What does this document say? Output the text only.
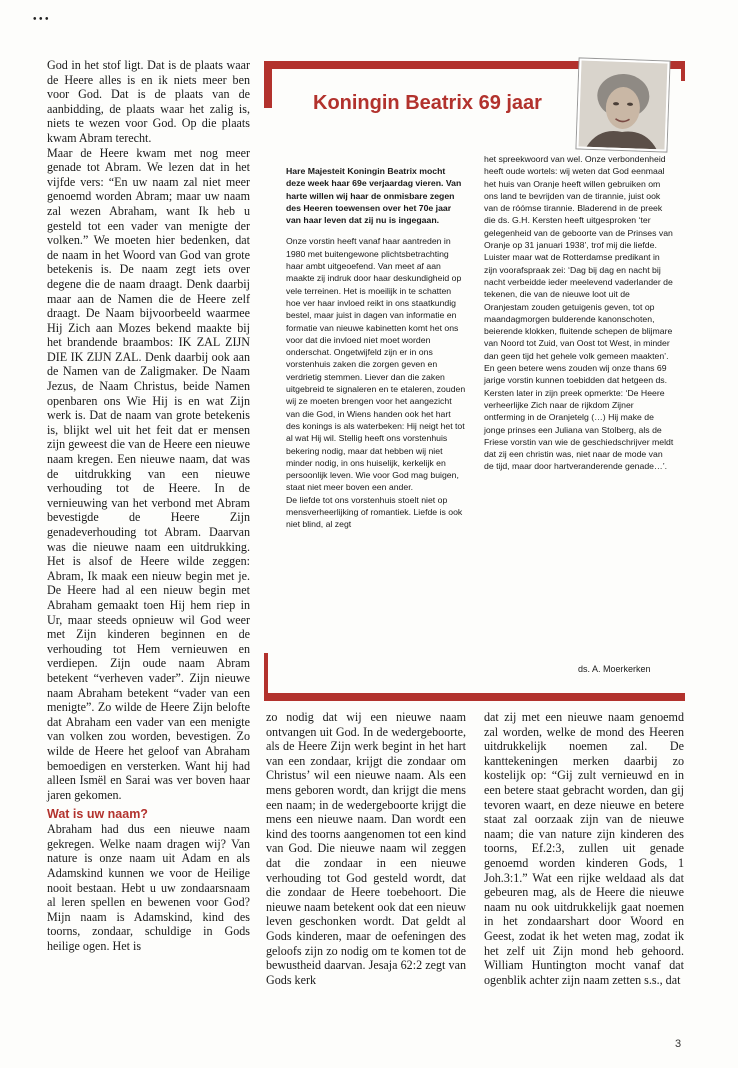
• • •

God in het stof ligt. Dat is de plaats waar de Heere alles is en ik niets meer ben voor God. Dat is de plaats van de aanbidding, de plaats waar het zalig is, niets te wezen voor God. Op die plaats kwam Abram terecht.

Maar de Heere kwam met nog meer genade tot Abram. We lezen dat in het vijfde vers: “En uw naam zal niet meer genoemd worden Abram; maar uw naam zal wezen Abraham, want Ik heb u gesteld tot een vader van menigte der volken.” We moeten hier bedenken, dat de naam in het Woord van God van grote betekenis is. De naam zegt iets over degene die de naam draagt. Denk daarbij maar aan de Namen die de Heere zelf draagt. De Naam bijvoorbeeld waarmee Hij Zich aan Mozes bekend maakte bij het brandende braambos: IK ZAL ZIJN DIE IK ZIJN ZAL. Denk daarbij ook aan de Namen van de Zaligmaker. De Naam Jezus, de Naam Christus, beide Namen openbaren ons Wie Hij is en wat Zijn werk is. Dat de naam van grote betekenis is, blijkt wel uit het feit dat er mensen zijn geweest die van de Heere een nieuwe naam kregen. Een nieuwe naam, dat was de uitdrukking van een nieuwe verhouding tot de Heere. In de vernieuwing van het verbond met Abram bevestigde de Heere Zijn genadeverhouding tot Abram. Daarvan was die nieuwe naam een uitdrukking. Het is alsof de Heere wilde zeggen: Abram, Ik maak een nieuw begin met je. De Heere had al een nieuw begin met Abraham gemaakt toen Hij hem riep in Ur, maar steeds opnieuw wil God weer met Zijn kinderen beginnen en de verhouding tot Hem vernieuwen en verdiepen. Zijn oude naam Abram betekent “verheven vader”. Zijn nieuwe naam Abraham betekent “vader van een menigte”. Zo wilde de Heere Zijn belofte dat Abraham een vader van een menigte van volken zou worden, bevestigen. Zo wilde de Heere het geloof van Abraham bemoedigen en versterken. Want hij had alleen Ismël en Sarai was ver boven haar jaren gekomen.

Wat is uw naam?

Abraham had dus een nieuwe naam gekregen. Welke naam dragen wij? Van nature is onze naam uit Adam en als Adamskind kunnen we voor de Heilige nooit bestaan. Hebt u uw zondaarsnaam al leren spellen en bewenen voor God? Mijn naam is Adamskind, kind des toorns, zondaar, schuldige in Gods heilige ogen. Het is

Koningin Beatrix 69 jaar

Hare Majesteit Koningin Beatrix mocht deze week haar 69e verjaardag vieren. Van harte willen wij haar de onmisbare zegen des Heeren toewensen over het 70e jaar van haar leven dat zij nu is ingegaan.

Onze vorstin heeft vanaf haar aantreden in 1980 met buitengewone plichtsbetrachting haar ambt uitgeoefend. Van meet af aan maakte zij indruk door haar deskundigheid op vele terreinen. Het is moeilijk in te schatten hoe ver haar invloed reikt in ons staatkundig bestel, maar juist in dagen van informatie en formatie van nieuwe kabinetten komt het ons voor dat die invloed niet moet worden onderschat. Ongetwijfeld zijn er in ons vorstenhuis zaken die zorgen geven en verdrietig stemmen. Liever dan die zaken uitgebreid te signaleren en te etaleren, zouden wij ze moeten brengen voor het aangezicht van die God, in Wiens handen ook het hart des konings is als waterbeken: Hij neigt het tot al wat Hij wil. Stellig heeft ons vorstenhuis bekering nodig, maar dat hebben wij niet minder nodig, in ons huiselijk, kerkelijk en persoonlijk leven. Wie voor God mag buigen, staat niet meer boven een ander.

De liefde tot ons vorstenhuis stoelt niet op mensverheerlijking of romantiek. Liefde is ook niet blind, al zegt

het spreekwoord van wel. Onze verbondenheid heeft oude wortels: wij weten dat God eenmaal het huis van Oranje heeft willen gebruiken om ons land te bevrijden van de tirannie, juist ook van de róómse tirannie. Bladerend in de preek die ds. G.H. Kersten heeft uitgesproken ‘ter gelegenheid van de geboorte van de Prinses van Oranje op 31 januari 1938’, trof mij die liefde. Luister maar wat de Rotterdamse predikant in zijn voorafspraak zei: ‘Dag bij dag en nacht bij nacht verbeidde ieder meelevend vaderlander de tekenen, die van de nieuwe loot uit de Oranjestam zouden getuigenis geven, tot op maandagmorgen bulderende kanonschoten, beierende klokken, fluitende schepen de blijmare van Noord tot Zuid, van Oost tot West, in minder dan geen tijd het gehele volk gemeen maakten’. En geen betere wens zouden wij onze thans 69 jarige vorstin kunnen toebidden dat hetgeen ds. Kersten later in zijn preek opmerkte: ‘De Heere verheerlijke Zich naar de rijkdom Zijner ontferming in de Oranjetelg (…) Hij make de jonge prinses een Juliana van Stolberg, als de Friese vorstin van wie de geschiedschrijver meldt dat zij een christin was, niet naar de mode van de tijd, maar door hartveranderende genade…’.

ds. A. Moerkerken

zo nodig dat wij een nieuwe naam ontvangen uit God. In de wedergeboorte, als de Heere Zijn werk begint in het hart van een zondaar, krijgt die zondaar om Christus’ wil een nieuwe naam. Als een mens geboren wordt, dan krijgt die mens een naam; in de wedergeboorte krijgt die mens een nieuwe naam. Dan wordt een kind des toorns aangenomen tot een kind van God. Die nieuwe naam wil zeggen dat die zondaar in een nieuwe verhouding tot God gesteld wordt, dat die zondaar de Heere toebehoort. Die nieuwe naam betekent ook dat een nieuw leven geschonken wordt. Dat geldt al Gods kinderen, maar de oefeningen des geloofs zijn zo nodig om te komen tot de bewustheid daarvan. Jesaja 62:2 zegt van Gods kerk

dat zij met een nieuwe naam genoemd zal worden, welke de mond des Heeren uitdrukkelijk noemen zal. De kanttekeningen merken daarbij zo kostelijk op: “Gij zult vernieuwd en in een betere staat gebracht worden, dan gij tevoren waart, en deze nieuwe en betere staat zal oorzaak zijn van de nieuwe naam; die van nature zijn kinderen des toorns, Ef.2:3, zullen uit genade genoemd worden kinderen Gods, 1 Joh.3:1.” Wat een rijke weldaad als dat gebeuren mag, als de Heere die nieuwe naam nu ook uitdrukkelijk gaat noemen in het zondaarshart door Woord en Geest, zodat ik het weten mag, zodat ik het zelf uit Zijn mond heb gehoord. William Huntington mocht vanaf dat ogenblik achter zijn naam zetten s.s., dat

3
